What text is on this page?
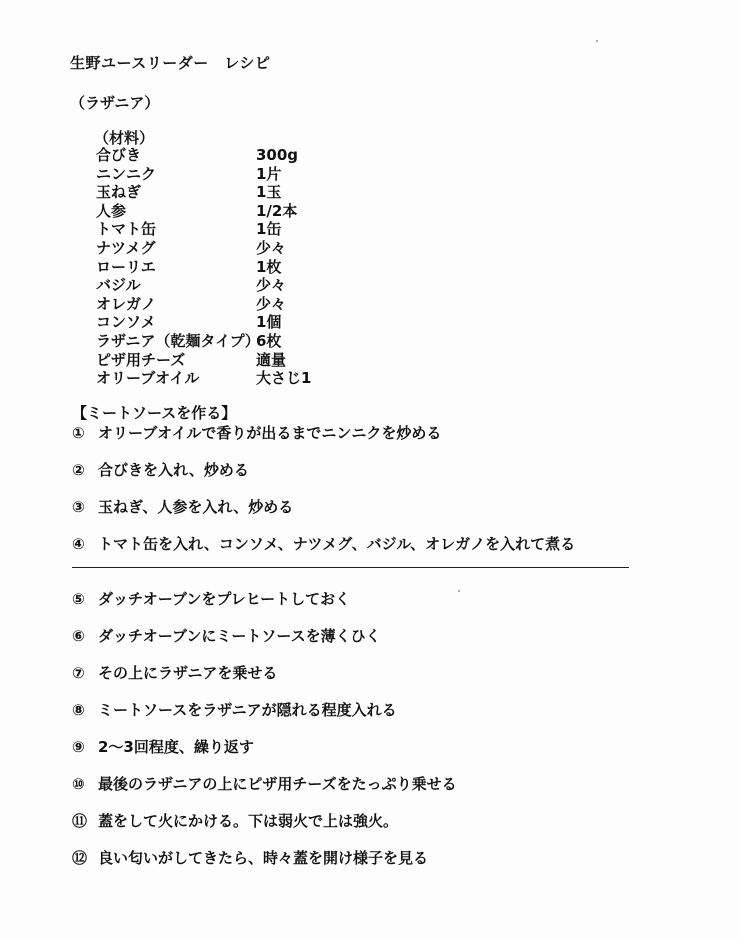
生野ユースリーダー　レシピ
（ラザニア）
（材料）
合びき	300g
ニンニク	1片
玉ねぎ	1玉
人参	1/2本
トマト缶	1缶
ナツメグ	少々
ローリエ	1枚
バジル	少々
オレガノ	少々
コンソメ	1個
ラザニア（乾麺タイプ）6枚
ピザ用チーズ	適量
オリーブオイル	大さじ1
【ミートソースを作る】
① オリーブオイルで香りが出るまでニンニクを炒める
② 合びきを入れ、炒める
③ 玉ねぎ、人参を入れ、炒める
④ トマト缶を入れ、コンソメ、ナツメグ、バジル、オレガノを入れて煮る
⑤ ダッチオーブンをプレヒートしておく
⑥ ダッチオーブンにミートソースを薄くひく
⑦ その上にラザニアを乗せる
⑧ ミートソースをラザニアが隠れる程度入れる
⑨ 2～3回程度、繰り返す
⑩ 最後のラザニアの上にピザ用チーズをたっぷり乗せる
⑪ 蓋をして火にかける。下は弱火で上は強火。
⑫ 良い匂いがしてきたら、時々蓋を開け様子を見る
